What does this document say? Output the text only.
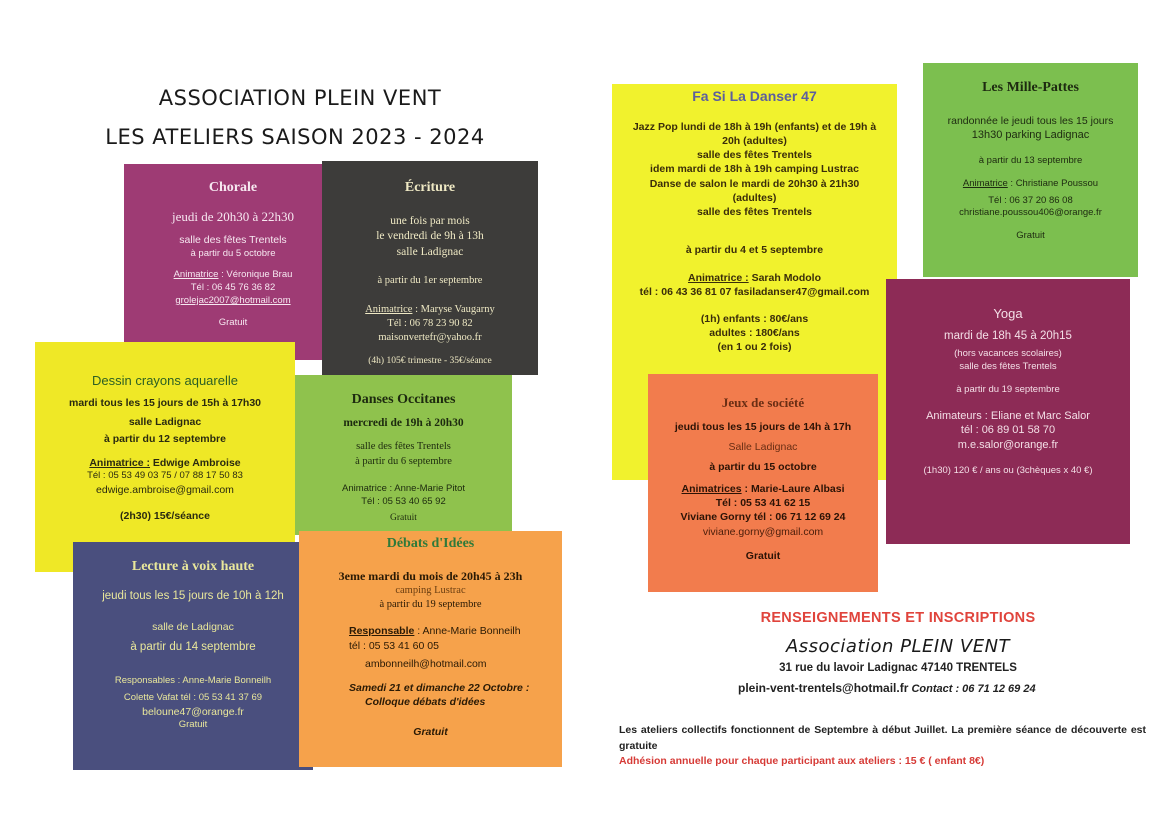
ASSOCIATION PLEIN VENT
LES ATELIERS SAISON 2023 - 2024

Chorale

jeudi de 20h30 à 22h30

salle des fêtes Trentels

à partir du 5 octobre

Animatrice : Véronique Brau

Tél : 06 45 76 36 82

grolejac2007@hotmail.com

Gratuit

Écriture

une fois par mois

le vendredi de 9h à 13h

salle Ladignac

à partir du 1er septembre

Animatrice : Maryse Vaugarny

Tél : 06 78 23 90 82

maisonvertefr@yahoo.fr

(4h) 105€ trimestre - 35€/séance

Dessin crayons aquarelle

mardi tous les 15 jours de 15h à 17h30

salle Ladignac

à partir du 12 septembre

Animatrice : Edwige Ambroise

Tél : 05 53 49 03 75 / 07 88 17 50 83

edwige.ambroise@gmail.com

(2h30) 15€/séance

Danses Occitanes

mercredi de 19h à 20h30

salle des fêtes Trentels

à partir du 6 septembre

Animatrice : Anne-Marie Pitot

Tél : 05 53 40 65 92

Gratuit

Lecture à voix haute

jeudi tous les 15 jours de 10h à 12h

salle de Ladignac

à partir du 14 septembre

Responsables : Anne-Marie Bonneilh

Colette Vafat tél : 05 53 41 37 69

beloune47@orange.fr

Gratuit

Débats d'Idées

3eme mardi du mois de 20h45 à 23h

camping Lustrac

à partir du 19 septembre

Responsable : Anne-Marie Bonneilh

tél : 05 53 41 60 05

ambonneilh@hotmail.com

Samedi 21 et dimanche 22 Octobre :

Colloque débats d'idées

Gratuit

Fa Si La Danser 47

Jazz Pop lundi de 18h à 19h (enfants) et de 19h à

20h (adultes)

salle des fêtes Trentels

idem mardi de 18h à 19h camping Lustrac

Danse de salon le mardi de 20h30 à 21h30

(adultes)

salle des fêtes Trentels

à partir du 4 et 5 septembre

Animatrice : Sarah Modolo

tél : 06 43 36 81 07 fasiladanser47@gmail.com

(1h) enfants : 80€/ans

adultes : 180€/ans

(en 1 ou 2 fois)

Les Mille-Pattes

randonnée le jeudi tous les 15 jours

13h30 parking Ladignac

à partir du 13 septembre

Animatrice : Christiane Poussou

Tél : 06 37 20 86 08

christiane.poussou406@orange.fr

Gratuit

Yoga

mardi de 18h 45 à 20h15

(hors vacances scolaires)

salle des fêtes Trentels

à partir du 19 septembre

Animateurs : Eliane et Marc Salor

tél : 06 89 01 58 70

m.e.salor@orange.fr

(1h30) 120 € / ans ou (3chèques x 40 €)

Jeux de société

jeudi tous les 15 jours de 14h à 17h

Salle Ladignac

à partir du 15 octobre

Animatrices : Marie-Laure Albasi

Tél : 05 53 41 62 15

Viviane Gorny tél : 06 71 12 69 24

viviane.gorny@gmail.com

Gratuit

RENSEIGNEMENTS ET INSCRIPTIONS
Association PLEIN VENT
31 rue du lavoir Ladignac 47140 TRENTELS
plein-vent-trentels@hotmail.fr Contact : 06 71 12 69 24
Les ateliers collectifs fonctionnent de Septembre à début Juillet. La première séance de découverte est gratuite
Adhésion annuelle pour chaque participant aux ateliers : 15 € ( enfant 8€)
